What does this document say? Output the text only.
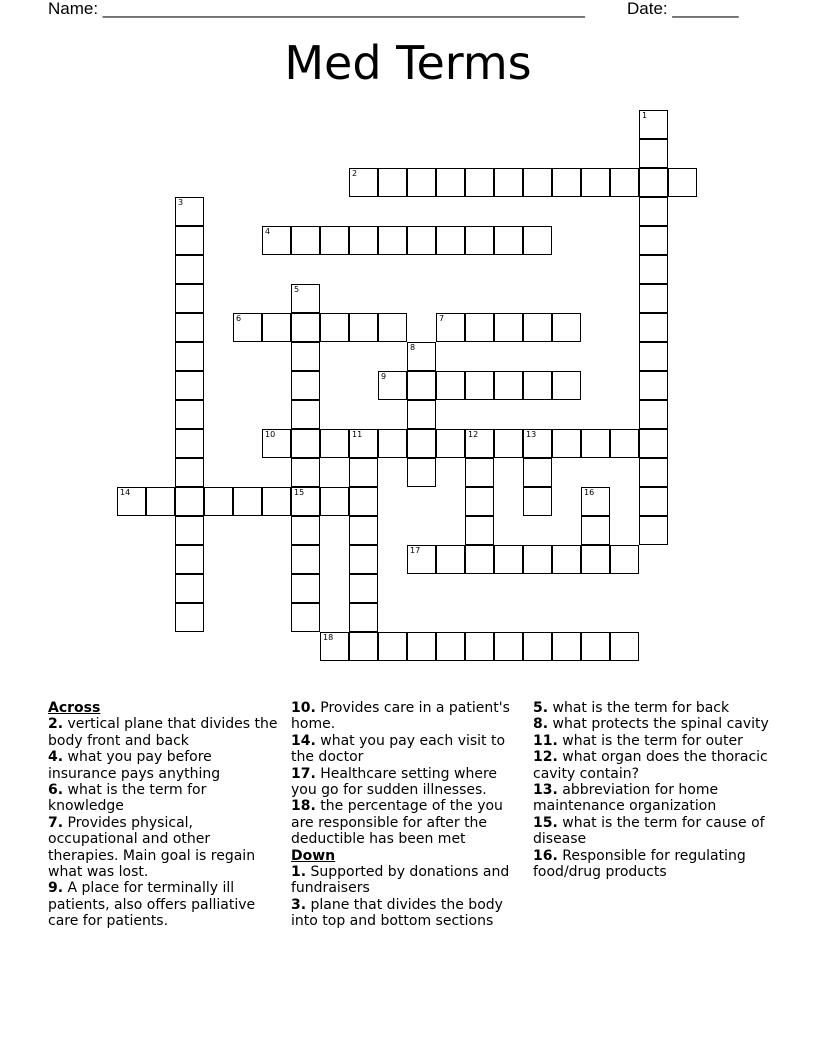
Name: ___________________________________________________ Date: _______
Med Terms
1
2
3
4
5
15
6	7
8
9
10	11	12	13
14	16
17
18
Across

2. vertical plane that divides the body front and back

4. what you pay before insurance pays anything

6. what is the term for knowledge

7. Provides physical, occupational and other therapies. Main goal is regain what was lost.

9. A place for terminally ill patients, also offers palliative care for patients.

10. Provides care in a patient's home.

14. what you pay each visit to the doctor

17. Healthcare setting where you go for sudden illnesses.

18. the percentage of the you are responsible for after the deductible has been met

Down

1. Supported by donations and fundraisers

3. plane that divides the body into top and bottom sections

5. what is the term for back

8. what protects the spinal cavity

11. what is the term for outer

12. what organ does the thoracic cavity contain?

13. abbreviation for home maintenance organization

15. what is the term for cause of disease

16. Responsible for regulating food/drug products
